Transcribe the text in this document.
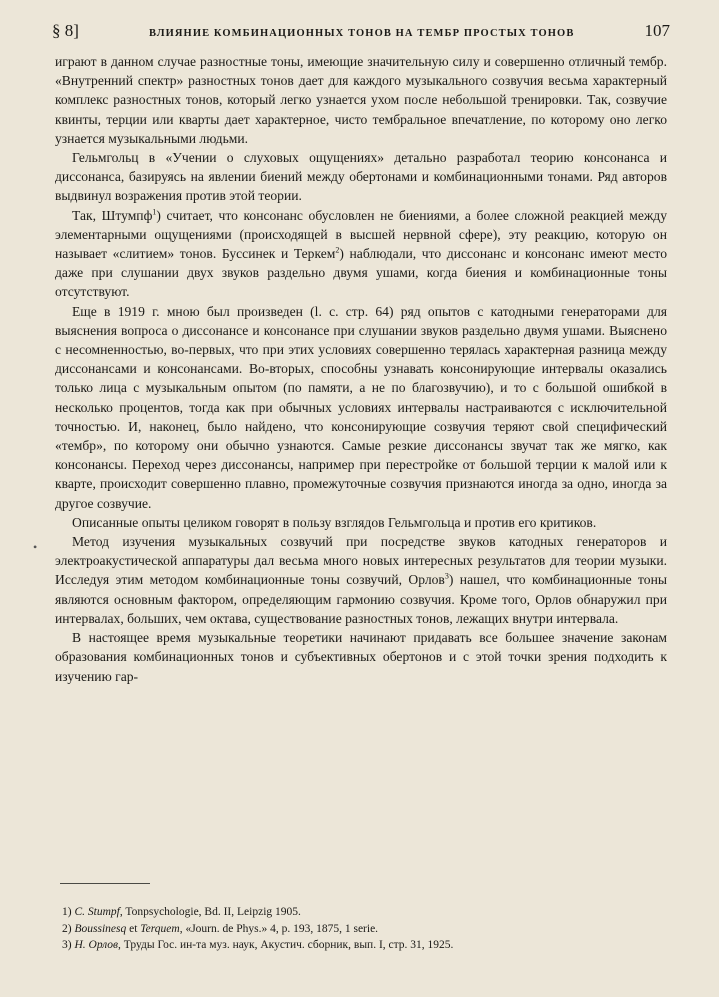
§ 8]	ВЛИЯНИЕ КОМБИНАЦИОННЫХ ТОНОВ НА ТЕМБР ПРОСТЫХ ТОНОВ	107
•

играют в данном случае разностные тоны, имеющие значительную силу и совершенно отличный тембр. «Внутренний спектр» разностных тонов дает для каждого музыкального созвучия весьма характерный комплекс разностных тонов, который легко узнается ухом после небольшой тренировки. Так, созвучие квинты, терции или кварты дает характерное, чисто тембральное впечатление, по которому оно легко узнается музыкальными людьми.

Гельмгольц в «Учении о слуховых ощущениях» детально разработал теорию консонанса и диссонанса, базируясь на явлении биений между обертонами и комбинационными тонами. Ряд авторов выдвинул возражения против этой теории.

Так, Штумпф$^1$) считает, что консонанс обусловлен не биениями, а более сложной реакцией между элементарными ощущениями (происходящей в высшей нервной сфере), эту реакцию, которую он называет «слитием» тонов. Буссинек и Теркем$^2$) наблюдали, что диссонанс и консонанс имеют место даже при слушании двух звуков раздельно двумя ушами, когда биения и комбинационные тоны отсутствуют.

Еще в 1919 г. мною был произведен (l. c. стр. 64) ряд опытов с катодными генераторами для выяснения вопроса о диссонансе и консонансе при слушании звуков раздельно двумя ушами. Выяснено с несомненностью, во-первых, что при этих условиях совершенно терялась характерная разница между диссонансами и консонансами. Во-вторых, способны узнавать консонирующие интервалы оказались только лица с музыкальным опытом (по памяти, а не по благозвучию), и то с большой ошибкой в несколько процентов, тогда как при обычных условиях интервалы настраиваются с исключительной точностью. И, наконец, было найдено, что консонирующие созвучия теряют свой специфический «тембр», по которому они обычно узнаются. Самые резкие диссонансы звучат так же мягко, как консонансы. Переход через диссонансы, например при перестройке от большой терции к малой или к кварте, происходит совершенно плавно, промежуточные созвучия признаются иногда за одно, иногда за другое созвучие.

Описанные опыты целиком говорят в пользу взглядов Гельмгольца и против его критиков.

Метод изучения музыкальных созвучий при посредстве звуков катодных генераторов и электроакустической аппаратуры дал весьма много новых интересных результатов для теории музыки. Исследуя этим методом комбинационные тоны созвучий, Орлов$^3$) нашел, что комбинационные тоны являются основным фактором, определяющим гармонию созвучия. Кроме того, Орлов обнаружил при интервалах, больших, чем октава, существование разностных тонов, лежащих внутри интервала.

В настоящее время музыкальные теоретики начинают придавать все большее значение законам образования комбинационных тонов и субъективных обертонов и с этой точки зрения подходить к изучению гар-

1) C. Stumpf, Tonpsychologie, Bd. II, Leipzig 1905.
2) Boussinesq et Terquem, «Journ. de Phys.» 4, p. 193, 1875, 1 serie.
3) Н. Орлов, Труды Гос. ин-та муз. наук, Акустич. сборник, вып. I, стр. 31, 1925.
